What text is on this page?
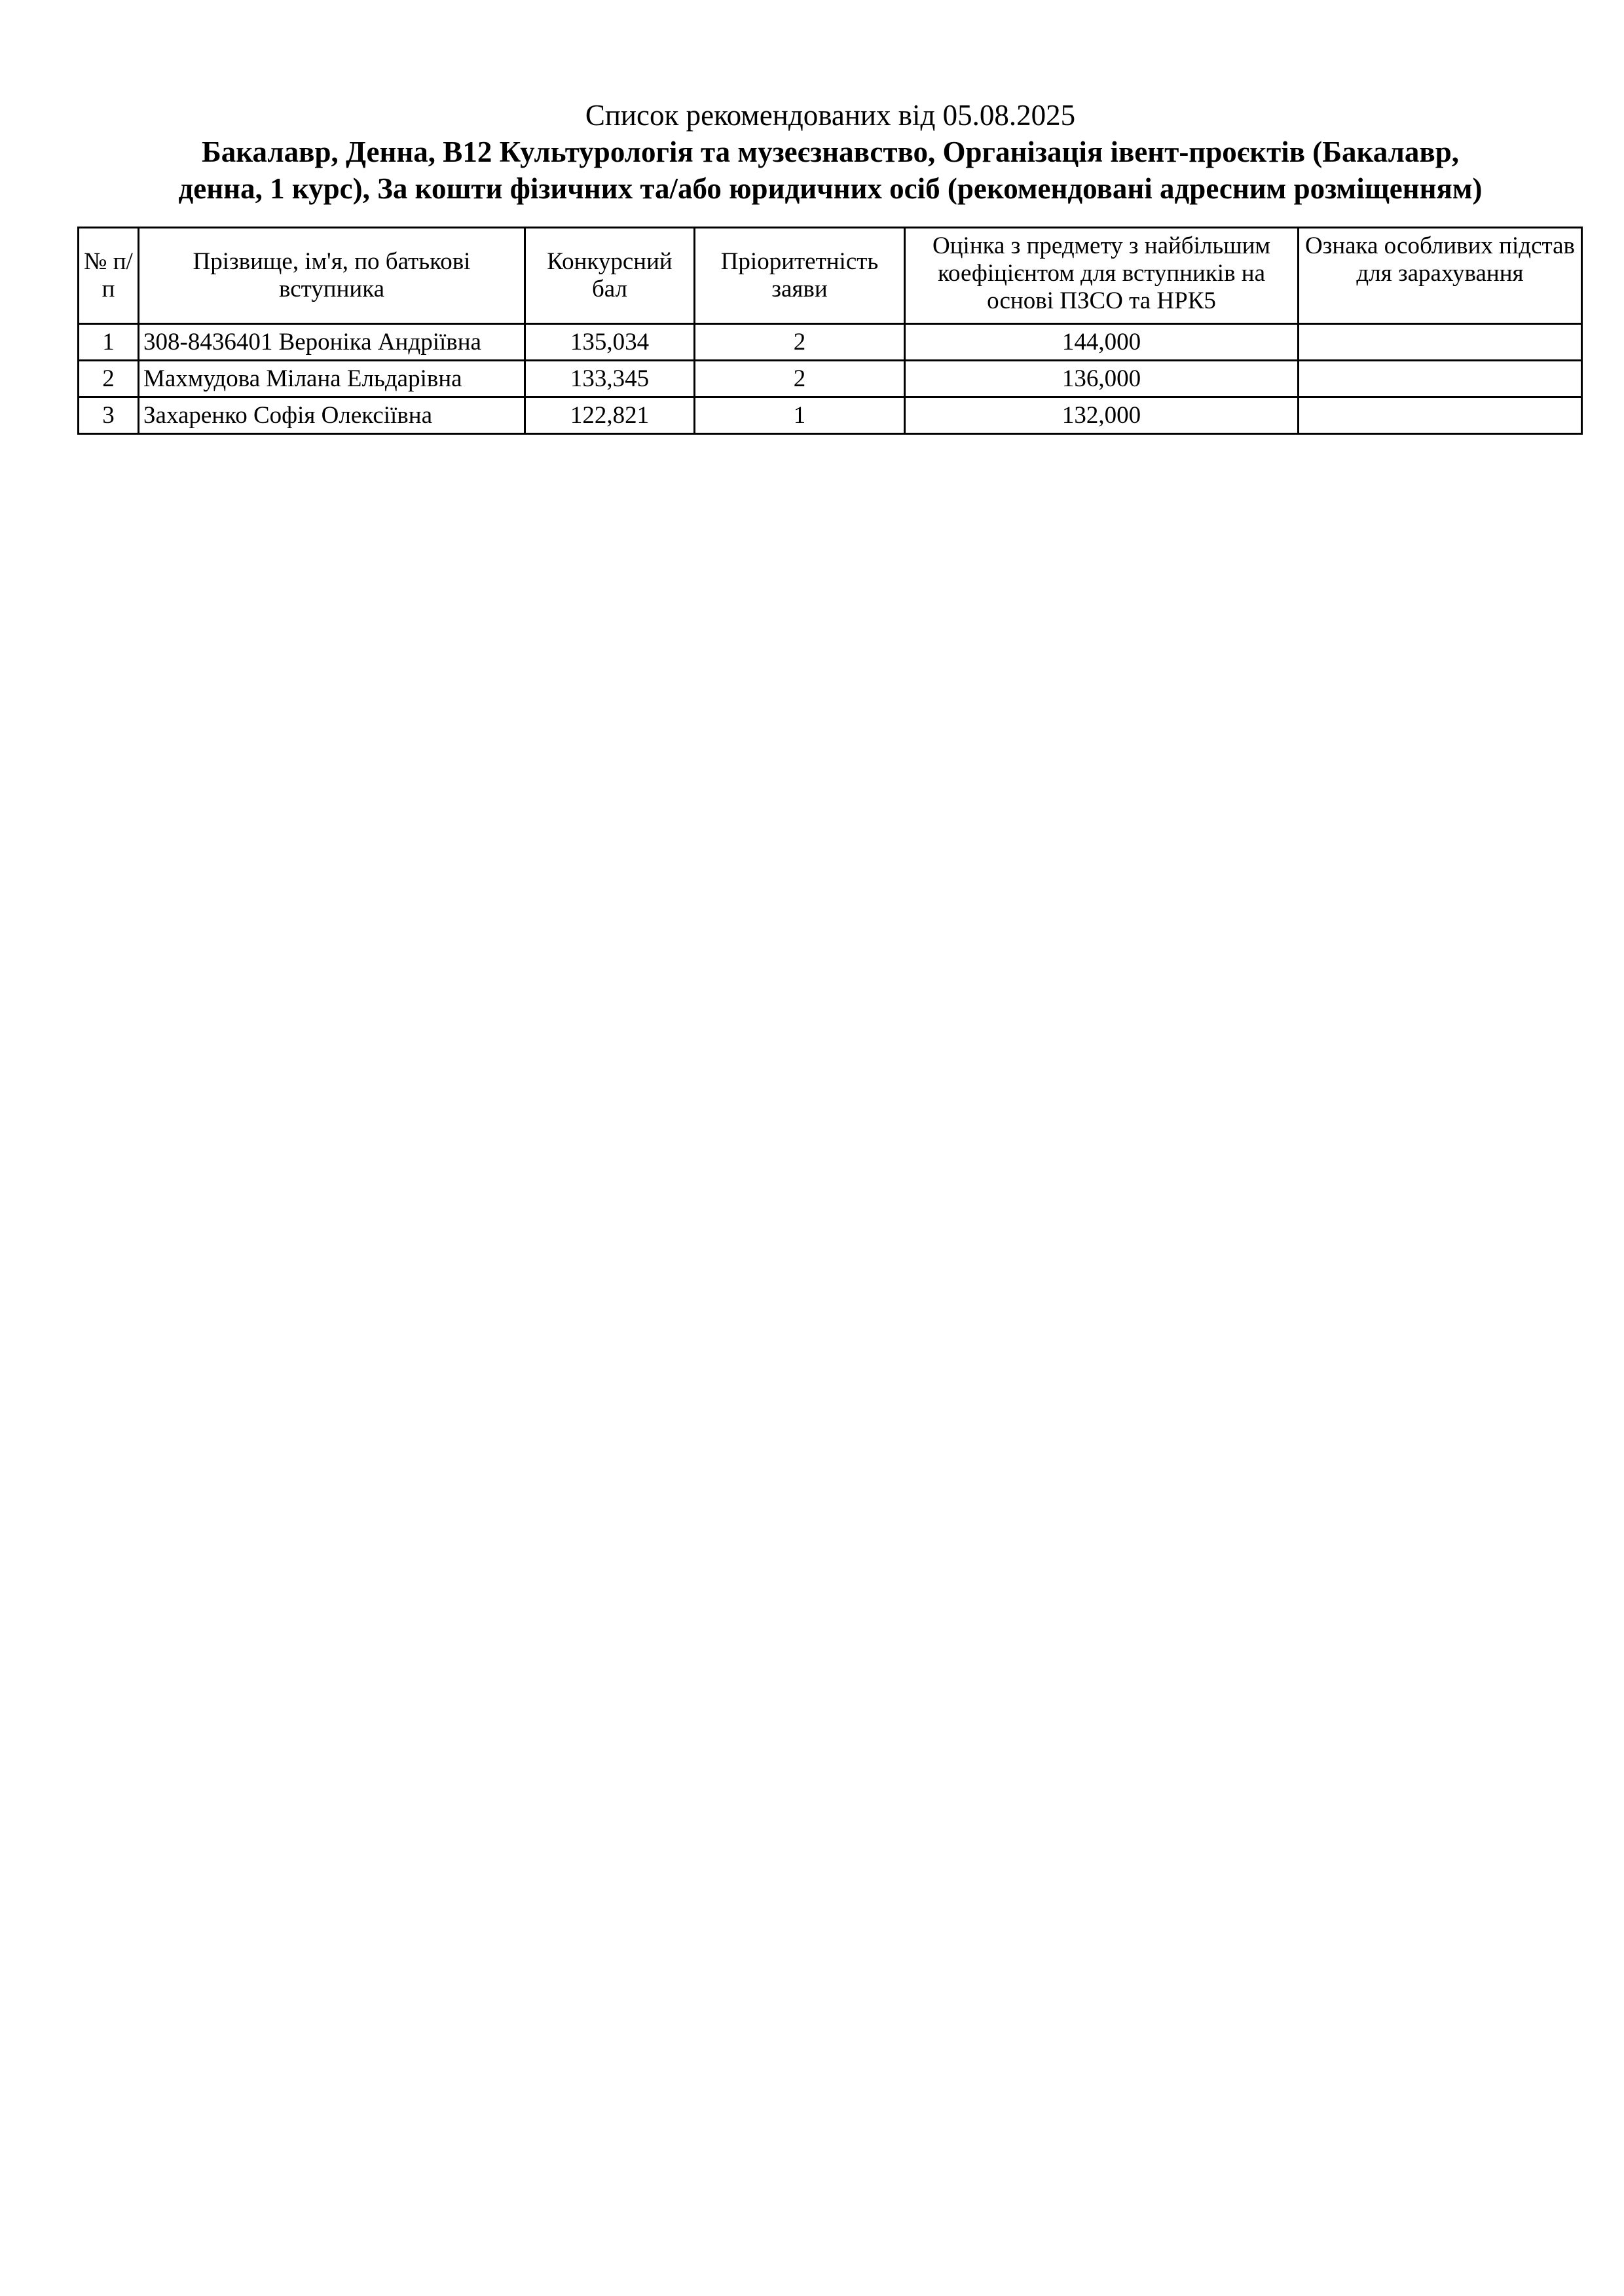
Список рекомендованих від 05.08.2025
Бакалавр, Денна, B12 Культурологія та музеєзнавство, Організація івент-проєктів (Бакалавр,
денна, 1 курс), За кошти фізичних та/або юридичних осіб (рекомендовані адресним розміщенням)
№ п/п	Прізвище, ім'я, по батькові вступника	Конкурсний бал	Пріоритетність заяви	Оцінка з предмету з найбільшим коефіцієнтом для вступників на основі ПЗСО та НРК5	Ознака особливих підстав для зарахування
1	308-8436401 Вероніка Андріївна	135,034	2	144,000	
2	Махмудова Мілана Ельдарівна	133,345	2	136,000	
3	Захаренко Софія Олексіївна	122,821	1	132,000	
